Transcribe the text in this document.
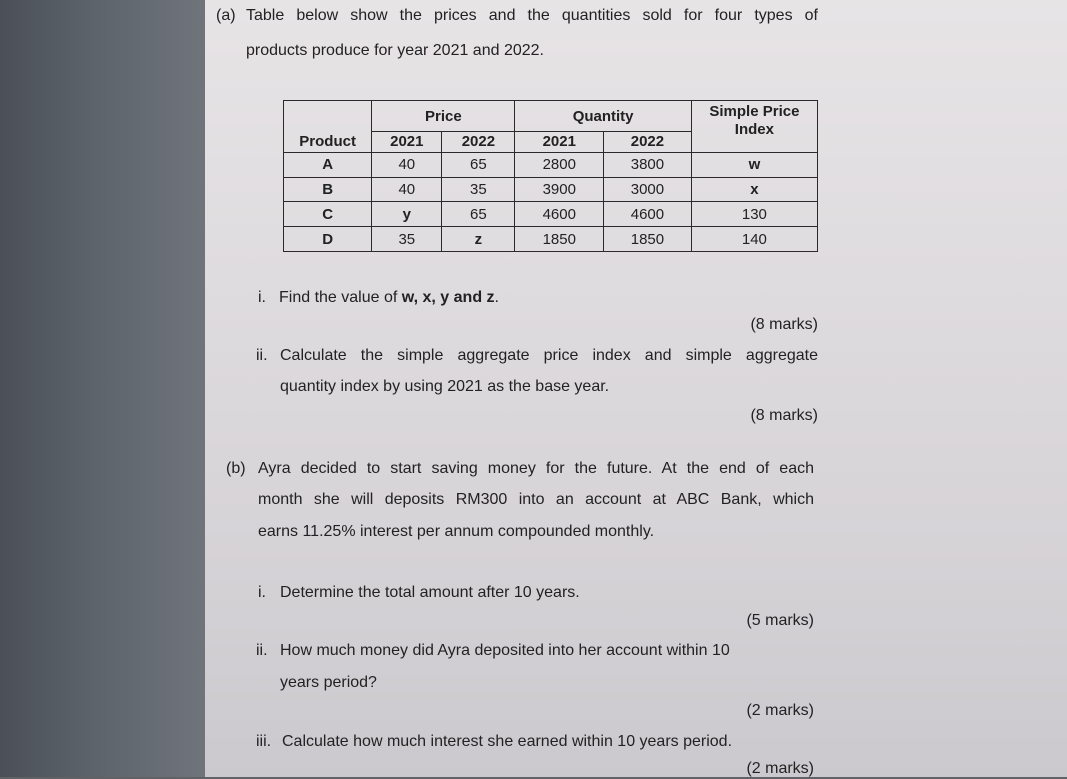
(a) Table below show the prices and the quantities sold for four types of
products produce for year 2021 and 2022.
Product	Price		Quantity		Simple Price
Index
	2021	2022	2021	2022	
A	40	65	2800	3800	w
B	40	35	3900	3000	x
C	y	65	4600	4600	130
D	35	z	1850	1850	140
i. Find the value of w, x, y and z.
(8 marks)
ii. Calculate the simple aggregate price index and simple aggregate
quantity index by using 2021 as the base year.
(8 marks)
(b) Ayra decided to start saving money for the future. At the end of each
month she will deposits RM300 into an account at ABC Bank, which
earns 11.25% interest per annum compounded monthly.
i. Determine the total amount after 10 years.
(5 marks)
ii. How much money did Ayra deposited into her account within 10
years period?
(2 marks)
iii. Calculate how much interest she earned within 10 years period.
(2 marks)
